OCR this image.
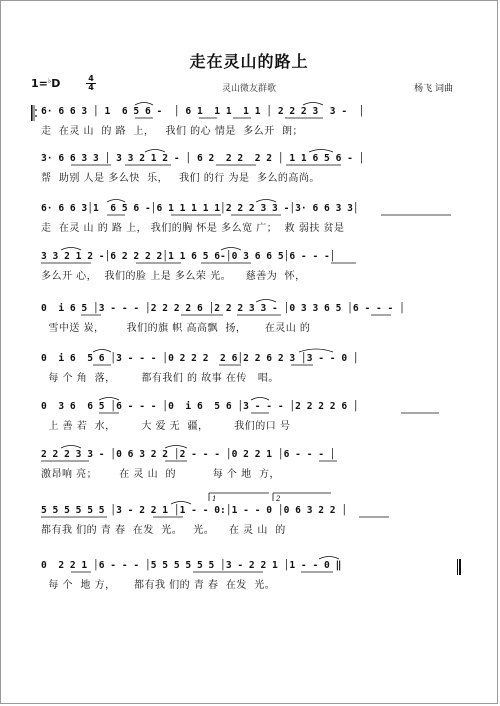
走在灵山的路上
灵山微友群歌
1=♭D	$\frac{4}{4}$	杨飞 词曲
6· 6 6 3 │ 1  6 5 6 -  │ 6 1  1 1  1 1 │ 2 2 2 3  3 -  │
走  在灵 山  的 路  上，   我们 的心 情是  多么开  朗；
3· 6 6 3 3 │ 3 3 2 1 2 - │ 6 2  2 2  2 2 │ 1 1 6 5 6 - │
帮  助别 人是 多么快  乐，   我们 的行 为是  多么的高尚。
6· 6 6 3│1  6 5 6 -│6 1 1 1 1 1│2 2 2 3 3 -│3· 6 6 3 3│
走  在灵 山 的 路 上， 我们的胸 怀是 多么宽 广；  救 弱扶 贫是
3 3 2 1 2 -│6 2 2 2 2│1 1 6 5 6-│0 3 6 6 5│6 - - -│
多么开 心，  我们的脸 上是 多么荣 光。    慈善为  怀，
0  i 6 5 │3 - - - │2 2 2 2 6 │2 2 2 3 3 - │0 3 3 6 5 │6 - - - │
雪中送 炭，      我们的旗 帜 高高飘  扬，     在灵山 的
0  i 6  5 6 │3 - - - │0 2 2 2  2 6│2 2 6 2 3 │3 - - 0 │
每 个 角  落，       都有我们 的 故事 在传   唱。
0  3 6  6 5 │6 - - - │0  i 6  5 6 │3 - - - │2 2 2 2 6 │
上 善 若  水，       大 爱 无  疆，       我们的口 号
2 2 2 3 3 - │0 6 3 2 2 │2 - - - │0 2 2 1 │6 - - - │
激昂响 亮；      在 灵 山  的          每 个 地  方，
5 5 5 5 5 5 │3 - 2 2 1 │1 - - 0:│1 - - 0 │0 6 3 2 2 │
都有我 们的 青 春  在发  光。   光。    在 灵 山  的
1	2
0  2 2 1 │6 - - - │5 5 5 5 5 5 │3 - 2 2 1 │1 - - 0 ‖
每 个  地 方，     都有我 们的 青 春  在发  光。
